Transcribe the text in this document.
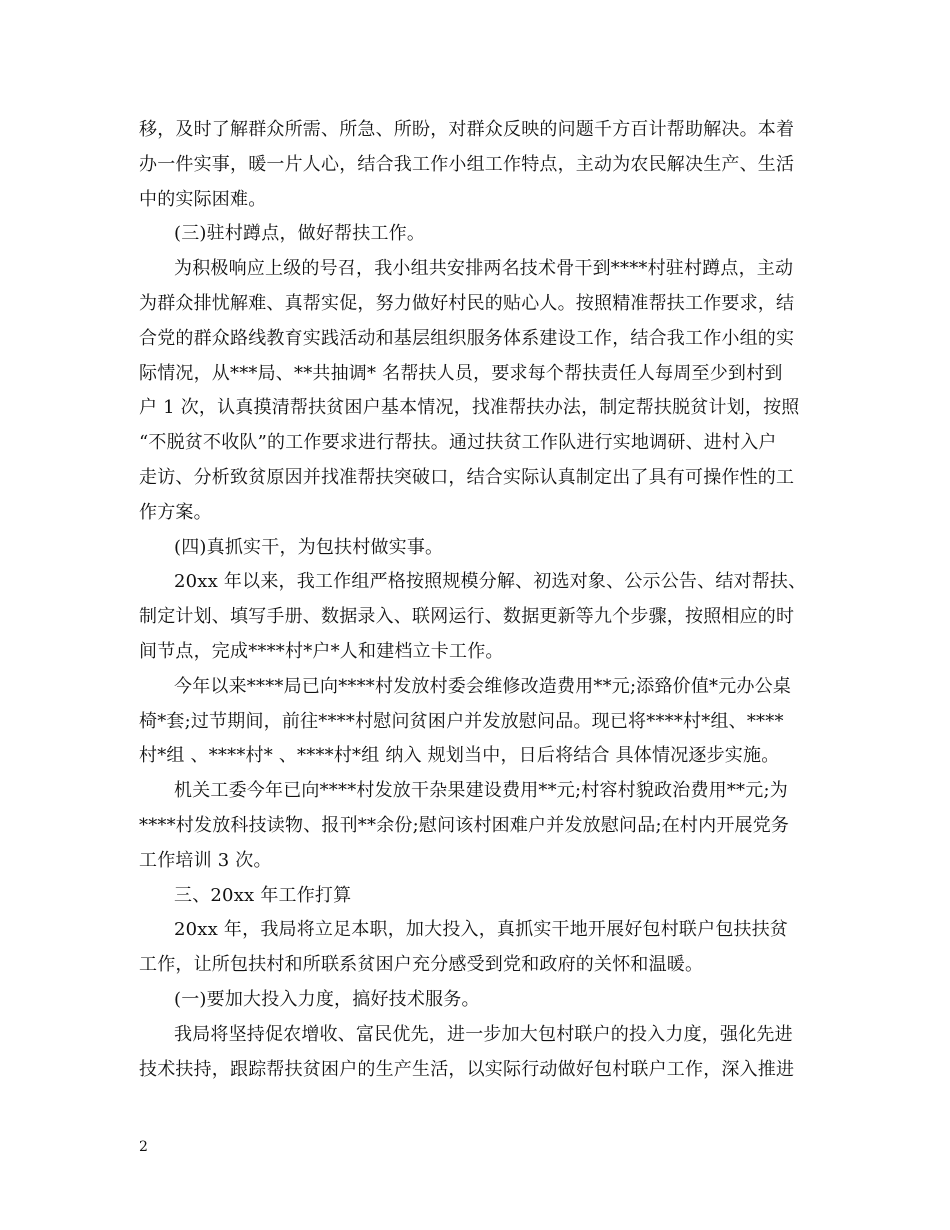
移，及时了解群众所需、所急、所盼，对群众反映的问题千方百计帮助解决。本着
办一件实事，暖一片人心，结合我工作小组工作特点，主动为农民解决生产、生活
中的实际困难。
(三)驻村蹲点，做好帮扶工作。
为积极响应上级的号召，我小组共安排两名技术骨干到****村驻村蹲点，主动
为群众排忧解难、真帮实促，努力做好村民的贴心人。按照精准帮扶工作要求，结
合党的群众路线教育实践活动和基层组织服务体系建设工作，结合我工作小组的实
际情况，从***局、**共抽调* 名帮扶人员，要求每个帮扶责任人每周至少到村到
户 1 次，认真摸清帮扶贫困户基本情况，找准帮扶办法，制定帮扶脱贫计划，按照
“不脱贫不收队”的工作要求进行帮扶。通过扶贫工作队进行实地调研、进村入户
走访、分析致贫原因并找准帮扶突破口，结合实际认真制定出了具有可操作性的工
作方案。
(四)真抓实干，为包扶村做实事。
20xx 年以来，我工作组严格按照规模分解、初选对象、公示公告、结对帮扶、
制定计划、填写手册、数据录入、联网运行、数据更新等九个步骤，按照相应的时
间节点，完成****村*户*人和建档立卡工作。
今年以来****局已向****村发放村委会维修改造费用**元;添臵价值*元办公桌
椅*套;过节期间，前往****村慰问贫困户并发放慰问品。现已将****村*组、****
村*组 、****村* 、****村*组 纳入 规划当中，日后将结合 具体情况逐步实施。
机关工委今年已向****村发放干杂果建设费用**元;村容村貌政治费用**元;为
****村发放科技读物、报刊**余份;慰问该村困难户并发放慰问品;在村内开展党务
工作培训 3 次。
三、20xx 年工作打算
20xx 年，我局将立足本职，加大投入，真抓实干地开展好包村联户包扶扶贫
工作，让所包扶村和所联系贫困户充分感受到党和政府的关怀和温暖。
(一)要加大投入力度，搞好技术服务。
我局将坚持促农增收、富民优先，进一步加大包村联户的投入力度，强化先进
技术扶持，跟踪帮扶贫困户的生产生活，以实际行动做好包村联户工作，深入推进
2
